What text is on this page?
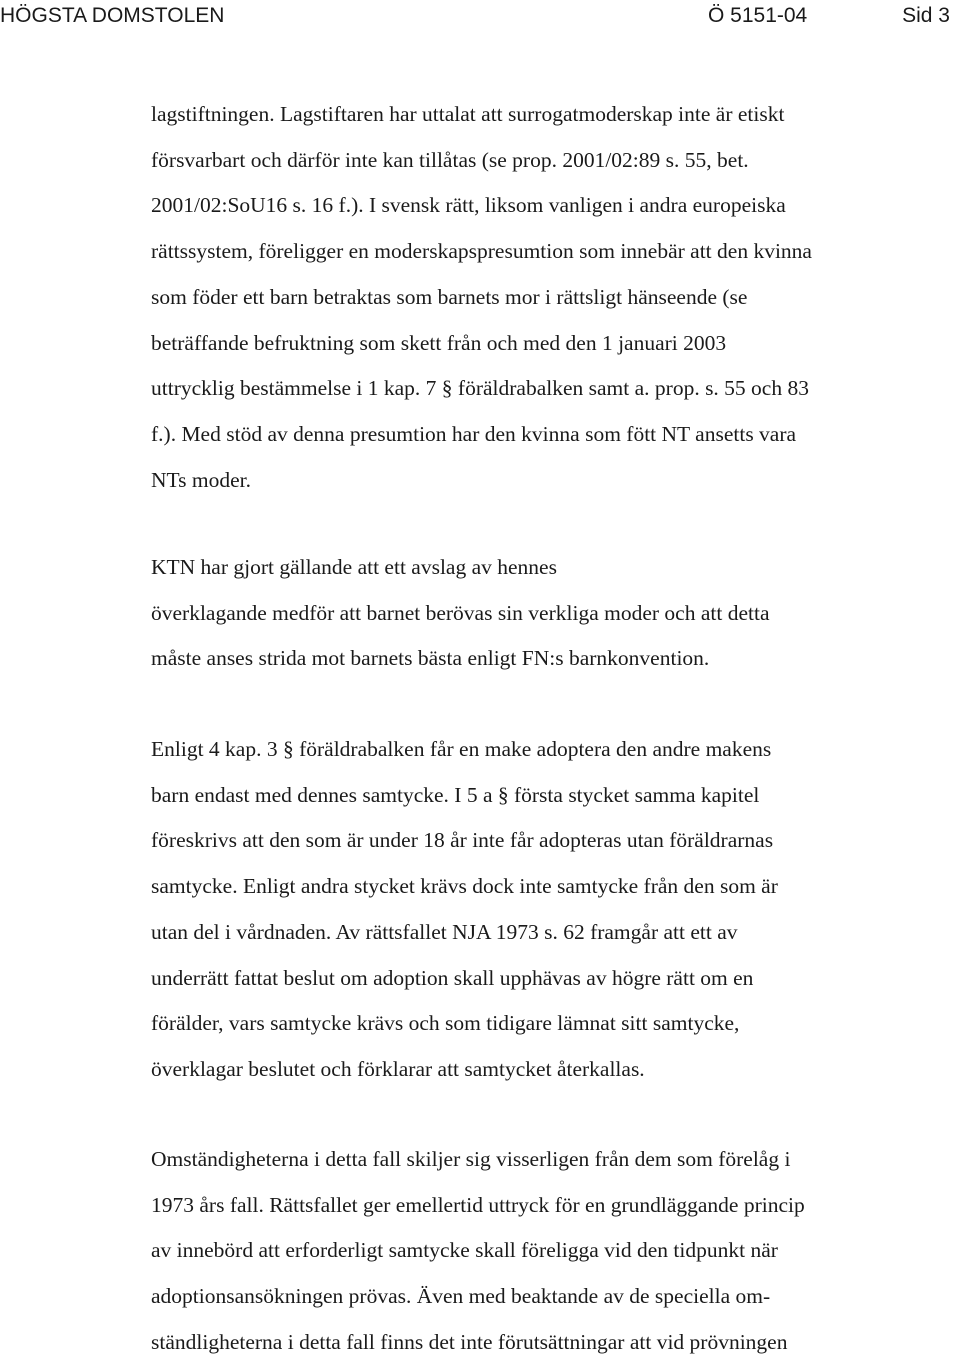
HÖGSTA DOMSTOLEN	Ö 5151-04	Sid 3
lagstiftningen. Lagstiftaren har uttalat att surrogatmoderskap inte är etiskt
försvarbart och därför inte kan tillåtas (se prop. 2001/02:89 s. 55, bet.
2001/02:SoU16 s. 16 f.). I svensk rätt, liksom vanligen i andra europeiska
rättssystem, föreligger en moderskapspresumtion som innebär att den kvinna
som föder ett barn betraktas som barnets mor i rättsligt hänseende (se
beträffande befruktning som skett från och med den 1 januari 2003
uttrycklig bestämmelse i 1 kap. 7 § föräldrabalken samt a. prop. s. 55 och 83
f.). Med stöd av denna presumtion har den kvinna som fött NT ansetts vara
NTs moder.
KTN har gjort gällande att ett avslag av hennes
överklagande medför att barnet berövas sin verkliga moder och att detta
måste anses strida mot barnets bästa enligt FN:s barnkonvention.
Enligt 4 kap. 3 § föräldrabalken får en make adoptera den andre makens
barn endast med dennes samtycke. I 5 a § första stycket samma kapitel
föreskrivs att den som är under 18 år inte får adopteras utan föräldrarnas
samtycke. Enligt andra stycket krävs dock inte samtycke från den som är
utan del i vårdnaden. Av rättsfallet NJA 1973 s. 62 framgår att ett av
underrätt fattat beslut om adoption skall upphävas av högre rätt om en
förälder, vars samtycke krävs och som tidigare lämnat sitt samtycke,
överklagar beslutet och förklarar att samtycket återkallas.
Omständigheterna i detta fall skiljer sig visserligen från dem som förelåg i
1973 års fall. Rättsfallet ger emellertid uttryck för en grundläggande princip
av innebörd att erforderligt samtycke skall föreligga vid den tidpunkt när
adoptionsansökningen prövas. Även med beaktande av de speciella om-
ständligheterna i detta fall finns det inte förutsättningar att vid prövningen
